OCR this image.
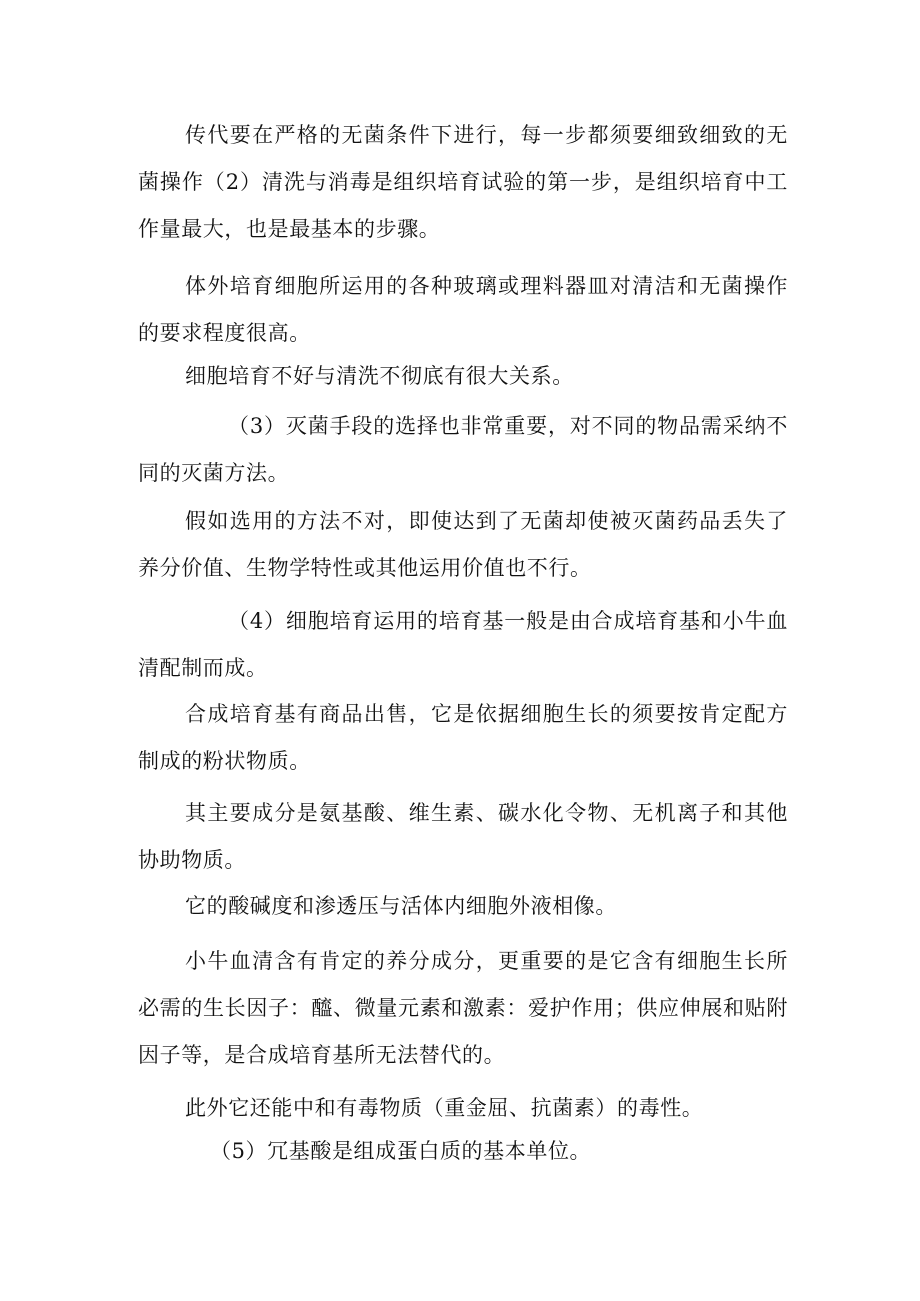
传代要在严格的无菌条件下进行，每一步都须要细致细致的无菌操作（2）清洗与消毒是组织培育试验的第一步，是组织培育中工作量最大，也是最基本的步骤。

体外培育细胞所运用的各种玻璃或理料器皿对清洁和无菌操作的要求程度很高。

细胞培育不好与清洗不彻底有很大关系。

（3）灭菌手段的选择也非常重要，对不同的物品需采纳不同的灭菌方法。

假如选用的方法不对，即使达到了无菌却使被灭菌药品丢失了养分价值、生物学特性或其他运用价值也不行。

（4）细胞培育运用的培育基一般是由合成培育基和小牛血清配制而成。

合成培育基有商品出售，它是依据细胞生长的须要按肯定配方制成的粉状物质。

其主要成分是氨基酸、维生素、碳水化令物、无机离子和其他协助物质。

它的酸碱度和渗透压与活体内细胞外液相像。

小牛血清含有肯定的养分成分，更重要的是它含有细胞生长所必需的生长因子：醯、微量元素和激素：爱护作用；供应伸展和贴附因子等，是合成培育基所无法替代的。

此外它还能中和有毒物质（重金屈、抗菌素）的毒性。

（5）冗基酸是组成蛋白质的基本单位。
